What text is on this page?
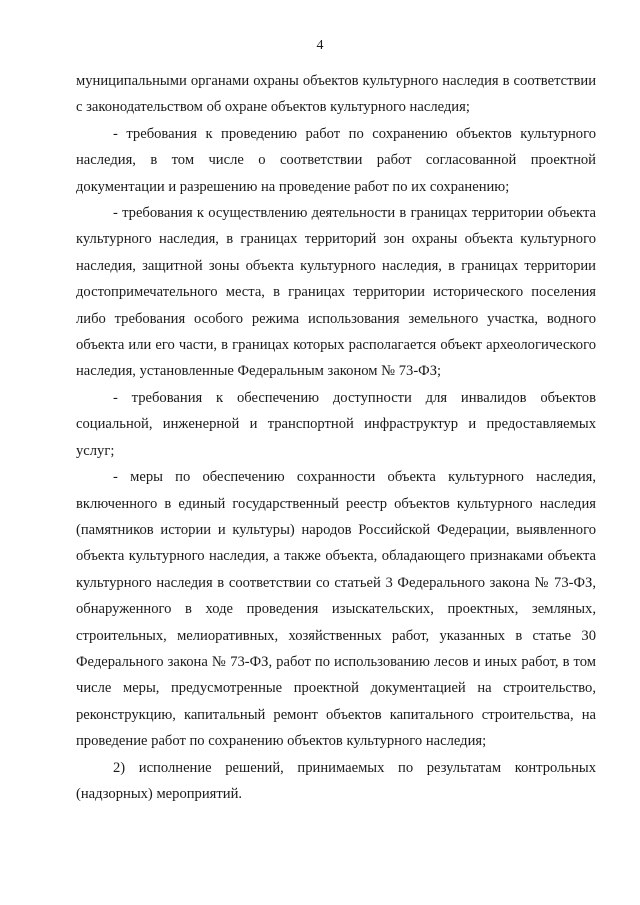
4

муниципальными органами охраны объектов культурного наследия в соответствии с законодательством об охране объектов культурного наследия;

- требования к проведению работ по сохранению объектов культурного наследия, в том числе о соответствии работ согласованной проектной документации и разрешению на проведение работ по их сохранению;

- требования к осуществлению деятельности в границах территории объекта культурного наследия, в границах территорий зон охраны объекта культурного наследия, защитной зоны объекта культурного наследия, в границах территории достопримечательного места, в границах территории исторического поселения либо требования особого режима использования земельного участка, водного объекта или его части, в границах которых располагается объект археологического наследия, установленные Федеральным законом № 73-ФЗ;

- требования к обеспечению доступности для инвалидов объектов социальной, инженерной и транспортной инфраструктур и предоставляемых услуг;

- меры по обеспечению сохранности объекта культурного наследия, включенного в единый государственный реестр объектов культурного наследия (памятников истории и культуры) народов Российской Федерации, выявленного объекта культурного наследия, а также объекта, обладающего признаками объекта культурного наследия в соответствии со статьей 3 Федерального закона № 73-ФЗ, обнаруженного в ходе проведения изыскательских, проектных, земляных, строительных, мелиоративных, хозяйственных работ, указанных в статье 30 Федерального закона № 73-ФЗ, работ по использованию лесов и иных работ, в том числе меры, предусмотренные проектной документацией на строительство, реконструкцию, капитальный ремонт объектов капитального строительства, на проведение работ по сохранению объектов культурного наследия;

2) исполнение решений, принимаемых по результатам контрольных (надзорных) мероприятий.
